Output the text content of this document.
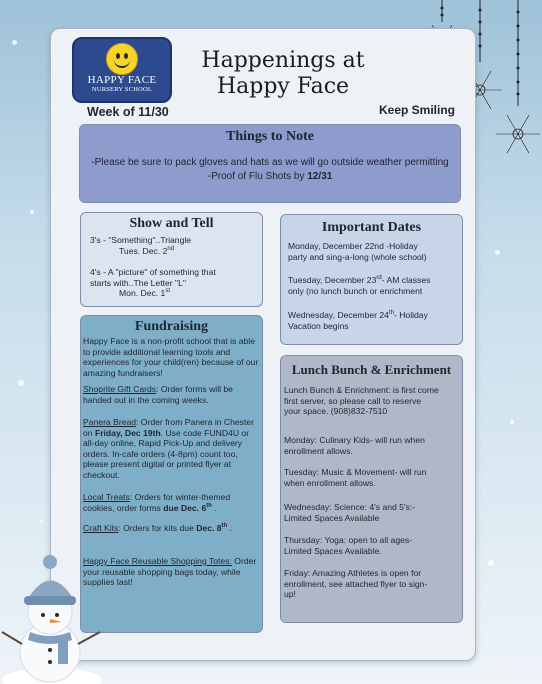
HAPPY FACE
NURSERY SCHOOL
Happenings at
Happy Face
Week of 11/30	Keep Smiling
Things to Note
-Please be sure to pack gloves and hats as we will go outside weather permitting
-Proof of Flu Shots by 12/31
Show and Tell
3's - "Something"..Triangle
Tues. Dec. 2nd
4's - A "picture" of something that
starts with..The Letter "L"
Mon. Dec. 1st
Important Dates
Monday, December 22nd -Holiday
party and sing-a-long (whole school)
Tuesday, December 23rd- AM classes
only (no lunch bunch or enrichment
Wednesday, December 24th- Holiday
Vacation begins
Fundraising
Happy Face is a non-profit school that is able
to provide additional learning tools and
experiences for your child(ren) because of our
amazing fundraisers!
Shoprite Gift Cards: Order forms will be
handed out in the coming weeks.
Panera Bread: Order from Panera in Chester
on Friday, Dec 19th. Use code FUND4U or
all-day online, Rapid Pick-Up and delivery
orders. In-cafe orders (4-8pm) count too,
please present digital or printed flyer at
checkout.
Local Treats: Orders for winter-themed
cookies, order forms due Dec. 6th .
Craft Kits: Orders for kits due Dec. 8th .
Happy Face Reusable Shopping Totes: Order
your reusable shopping bags today, while
supplies last!
Lunch Bunch & Enrichment
Lunch Bunch & Enrichment: is first come
first server, so please call to reserve
your space. (908)832-7510
Monday: Culinary Kids- will run when
enrollment allows.
Tuesday: Music & Movement- will run
when enrollment allows.
Wednesday: Science: 4's and 5's:-
Limited Spaces Available
Thursday: Yoga: open to all ages-
Limited Spaces Available.
Friday: Amazing Athletes is open for
enrollment, see attached flyer to sign-
up!
